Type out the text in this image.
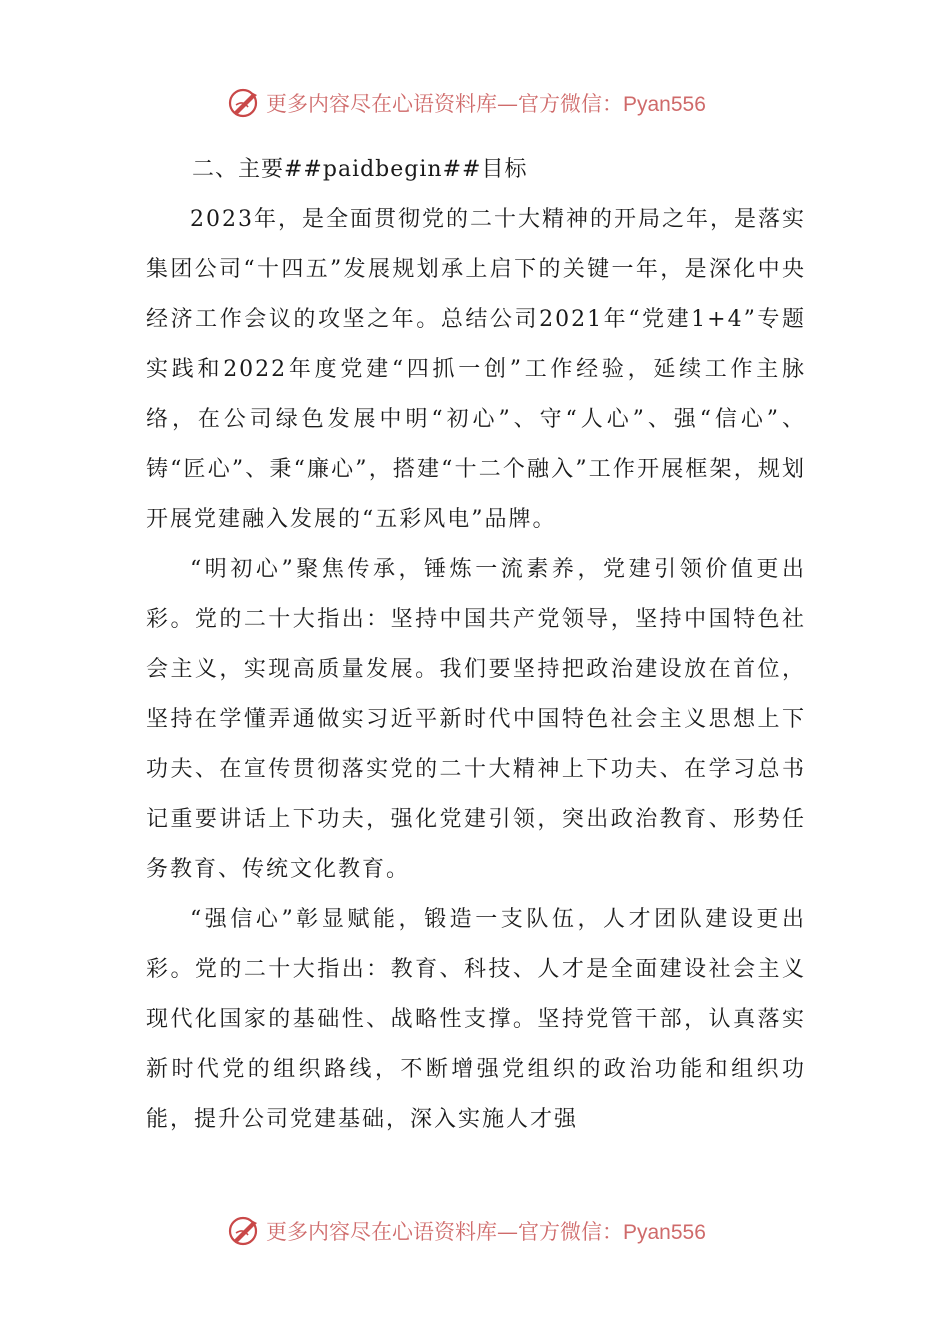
更多内容尽在心语资料库—官方微信：Pyan556

二、主要##paidbegin##目标

2023年，是全面贯彻党的二十大精神的开局之年，是落实集团公司“十四五”发展规划承上启下的关键一年，是深化中央经济工作会议的攻坚之年。总结公司2021年“党建1+4”专题实践和2022年度党建“四抓一创”工作经验，延续工作主脉络，在公司绿色发展中明“初心”、守“人心”、强“信心”、铸“匠心”、秉“廉心”，搭建“十二个融入”工作开展框架，规划开展党建融入发展的“五彩风电”品牌。

“明初心”聚焦传承，锤炼一流素养，党建引领价值更出彩。党的二十大指出：坚持中国共产党领导，坚持中国特色社会主义，实现高质量发展。我们要坚持把政治建设放在首位，坚持在学懂弄通做实习近平新时代中国特色社会主义思想上下功夫、在宣传贯彻落实党的二十大精神上下功夫、在学习总书记重要讲话上下功夫，强化党建引领，突出政治教育、形势任务教育、传统文化教育。

“强信心”彰显赋能，锻造一支队伍，人才团队建设更出彩。党的二十大指出：教育、科技、人才是全面建设社会主义现代化国家的基础性、战略性支撑。坚持党管干部，认真落实新时代党的组织路线，不断增强党组织的政治功能和组织功能，提升公司党建基础，深入实施人才强

更多内容尽在心语资料库—官方微信：Pyan556
